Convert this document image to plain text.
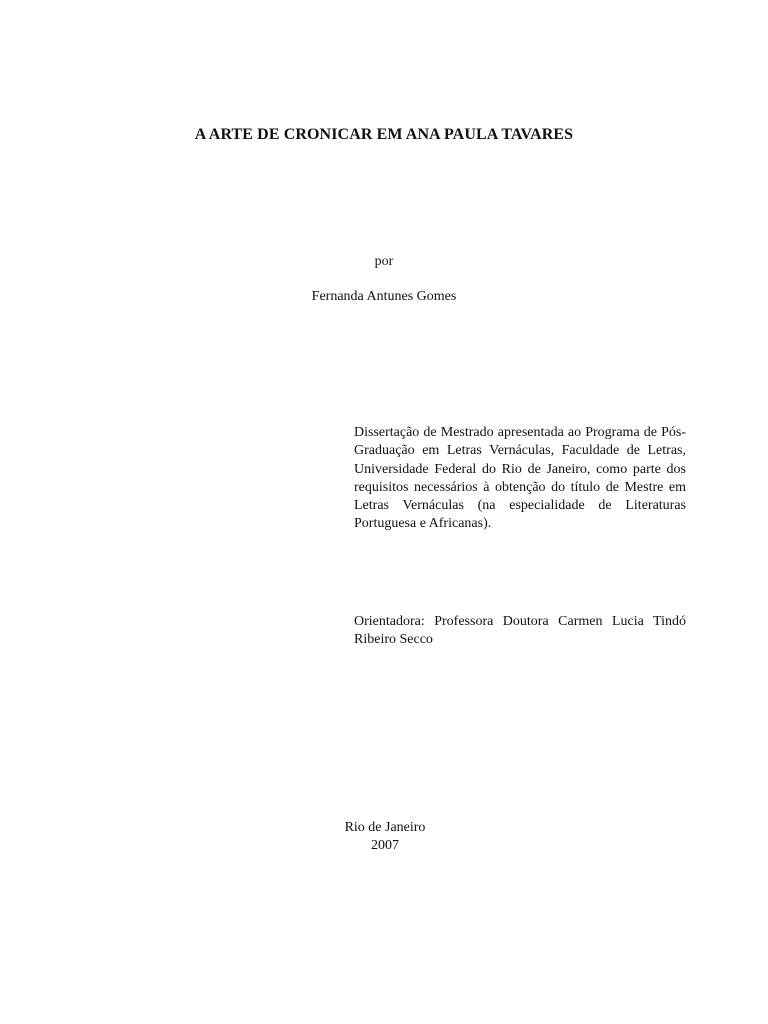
A ARTE DE CRONICAR EM ANA PAULA TAVARES
por
Fernanda Antunes Gomes
Dissertação de Mestrado apresentada ao Programa de Pós-Graduação em Letras Vernáculas, Faculdade de Letras, Universidade Federal do Rio de Janeiro, como parte dos requisitos necessários à obtenção do título de Mestre em Letras Vernáculas (na especialidade de Literaturas Portuguesa e Africanas).
Orientadora: Professora Doutora Carmen Lucia Tindó Ribeiro Secco
Rio de Janeiro
2007
